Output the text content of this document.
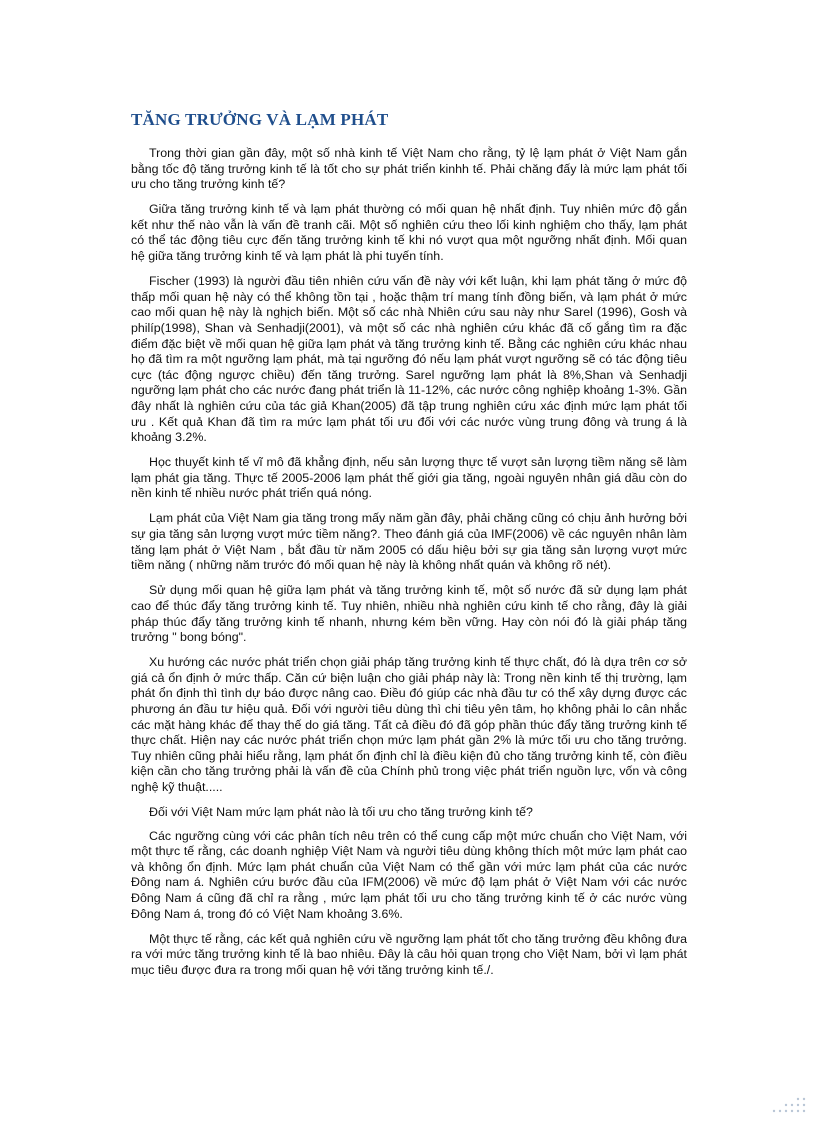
TĂNG TRƯỞNG VÀ LẠM PHÁT

Trong thời gian gần đây, một số nhà kinh tế Việt Nam cho rằng, tỷ lệ lạm phát ở Việt Nam gắn bằng tốc độ tăng trưởng kinh tế là tốt cho sự phát triển kinhh tế. Phải chăng đấy là mức lạm phát tối ưu cho tăng trưởng kinh tế?

Giữa tăng trưởng kinh tế và lạm phát thường có mối quan hệ nhất định. Tuy nhiên mức độ gắn kết như thế nào vẫn là vấn đề tranh cãi. Một số nghiên cứu theo lối kinh nghiệm cho thấy, lạm phát có thể tác động tiêu cực đến tăng trưởng kinh tế khi nó vượt qua một ngưỡng nhất định. Mối quan hệ giữa tăng trưởng kinh tế và lạm phát là phi tuyến tính.

Fischer (1993) là người đầu tiên nhiên cứu vấn đề này với kết luận, khi lạm phát tăng ở mức độ thấp mối quan hệ này có thể không tồn tại , hoặc thậm trí mang tính đồng biến, và lạm phát ở mức cao mối quan hệ này là nghịch biến. Một số các nhà Nhiên cứu sau này như Sarel (1996), Gosh và philíp(1998), Shan và Senhadji(2001), và một số các nhà nghiên cứu khác đã cố gắng tìm ra đặc điểm đặc biệt về mối quan hệ giữa lạm phát và tăng trưởng kinh tế. Bằng các nghiên cứu khác nhau họ đã tìm ra một ngưỡng lạm phát, mà tại ngưỡng đó nếu lạm phát vượt ngưỡng sẽ có tác động tiêu cực (tác động ngược chiều) đến tăng trưởng. Sarel ngưỡng lạm phát là 8%,Shan và Senhadji ngưỡng lạm phát cho các nước đang phát triển là 11-12%, các nước công nghiệp khoảng 1-3%. Gần đây nhất là nghiên cứu của tác giả Khan(2005) đã tập trung nghiên cứu xác định mức lạm phát tối ưu . Kết quả Khan đã tìm ra mức lạm phát tối ưu đối với các nước vùng trung đông và trung á là khoảng 3.2%.

Học thuyết kinh tế vĩ mô đã khẳng định, nếu sản lượng thực tế vượt sản lượng tiềm năng sẽ làm lạm phát gia tăng. Thực tế 2005-2006 lạm phát thế giới gia tăng, ngoài nguyên nhân giá dầu còn do nền kinh tế nhiều nước phát triển quá nóng.

Lạm phát của Việt Nam gia tăng trong mấy năm gần đây, phải chăng cũng có chịu ảnh hưởng bởi sự gia tăng sản lượng vượt mức tiềm năng?. Theo đánh giá của IMF(2006) về các nguyên nhân làm tăng lạm phát ở Việt Nam , bắt đầu từ năm 2005 có dấu hiệu bởi sự gia tăng sản lượng vượt mức tiềm năng ( những năm trước đó mối quan hệ này là không nhất quán và không rõ nét).

Sử dụng mối quan hệ giữa lạm phát và tăng trưởng kinh tế, một số nước đã sử dụng lạm phát cao để thúc đẩy tăng trưởng kinh tế. Tuy nhiên, nhiều nhà nghiên cứu kinh tế cho rằng, đây là giải pháp thúc đẩy tăng trưởng kinh tế nhanh, nhưng kém bền vững. Hay còn nói đó là giải pháp tăng trưởng " bong bóng".

Xu hướng các nước phát triển chọn giải pháp tăng trưởng kinh tế thực chất, đó là dựa trên cơ sở giá cả ổn định ở mức thấp. Căn cứ biện luận cho giải pháp này là: Trong nền kinh tế thị trường, lạm phát ổn định thì tình dự báo được nâng cao. Điều đó giúp các nhà đầu tư có thể xây dựng được các phương án đầu tư hiệu quả. Đối với người tiêu dùng thì chi tiêu yên tâm, họ không phải lo cân nhắc các mặt hàng khác để thay thế do giá tăng. Tất cả điều đó đã góp phần thúc đẩy tăng trưởng kinh tế thực chất. Hiện nay các nước phát triển chọn mức lạm phát gần 2% là mức tối ưu cho tăng trưởng. Tuy nhiên cũng phải hiểu rằng, lạm phát ổn định chỉ là điều kiện đủ cho tăng trưởng kinh tế, còn điều kiện cần cho tăng trưởng phải là vấn đề của Chính phủ trong việc phát triển nguồn lực, vốn và công nghệ kỹ thuật.....

Đối với Việt Nam mức lạm phát nào là tối ưu cho tăng trưởng kinh tế?

Các ngưỡng cùng với các phân tích nêu trên có thể cung cấp một mức chuẩn cho Việt Nam, với một thực tế rằng, các doanh nghiệp Việt Nam và người tiêu dùng không thích một mức lạm phát cao và không ổn định. Mức lạm phát chuẩn của Việt Nam có thể gần với mức lạm phát của các nước Đông nam á. Nghiên cứu bước đầu của IFM(2006) về mức độ lạm phát ở Việt Nam với các nước Đông Nam á cũng đã chỉ ra rằng , mức lạm phát tối ưu cho tăng trưởng kinh tế ở các nước vùng Đông Nam á, trong đó có Việt Nam khoảng 3.6%.

Một thực tế rằng, các kết quả nghiên cứu về ngưỡng lạm phát tốt cho tăng trưởng đều không đưa ra với mức tăng trưởng kinh tế là bao nhiêu. Đây là câu hỏi quan trọng cho Việt Nam, bởi vì lạm phát mục tiêu được đưa ra trong mối quan hệ với tăng trưởng kinh tế./.
